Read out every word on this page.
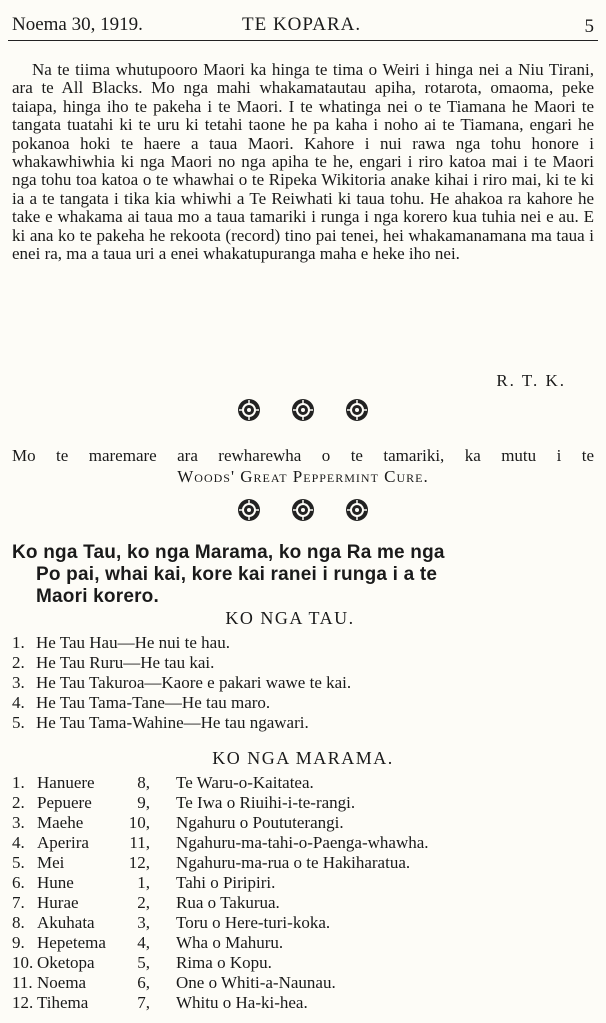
Noema 30, 1919.	TE KOPARA.	5

Na te tiima whutupooro Maori ka hinga te tima o Weiri i hinga nei a Niu Tirani, ara te All Blacks. Mo nga mahi whakamatautau apiha, rotarota, omaoma, peke taiapa, hinga iho te pakeha i te Maori. I te whatinga nei o te Tiamana he Maori te tangata tuatahi ki te uru ki tetahi taone he pa kaha i noho ai te Tiamana, engari he pokanoa hoki te haere a taua Maori. Kahore i nui rawa nga tohu honore i whakawhiwhia ki nga Maori no nga apiha te he, engari i riro katoa mai i te Maori nga tohu toa katoa o te whawhai o te Ripeka Wikitoria anake kihai i riro mai, ki te ki ia a te tangata i tika kia whiwhi a Te Reiwhati ki taua tohu. He ahakoa ra kahore he take e whakama ai taua mo a taua tamariki i runga i nga korero kua tuhia nei e au. E ki ana ko te pakeha he rekoota (record) tino pai tenei, hei whakamanamana ma taua i enei ra, ma a taua uri a enei whakatupuranga maha e heke iho nei.

R. T. K.
Mo te maremare ara rewharewha o te tamariki, ka mutu i te
Woods' Great Peppermint Cure.
Ko nga Tau, ko nga Marama, ko nga Ra me nga
Po pai, whai kai, kore kai ranei i runga i a te
Maori korero.
KO NGA TAU.
1. He Tau Hau—He nui te hau.
2. He Tau Ruru—He tau kai.
3. He Tau Takuroa—Kaore e pakari wawe te kai.
4. He Tau Tama-Tane—He tau maro.
5. He Tau Tama-Wahine—He tau ngawari.
KO NGA MARAMA.
1. Hanuere	8, Te Waru-o-Kaitatea.
2. Pepuere	9, Te Iwa o Riuihi-i-te-rangi.
3. Maehe	10, Ngahuru o Poututerangi.
4. Aperira 11, Ngahuru-ma-tahi-o-Paenga-whawha.
5. Mei	12, Ngahuru-ma-rua o te Hakiharatua.
6. Hune	1, Tahi o Piripiri.
7. Hurae	2, Rua o Takurua.
8. Akuhata	3, Toru o Here-turi-koka.
9. Hepetema 4, Wha o Mahuru.
10. Oketopa	5, Rima o Kopu.
11. Noema	6, One o Whiti-a-Naunau.
12. Tihema	7, Whitu o Ha-ki-hea.
